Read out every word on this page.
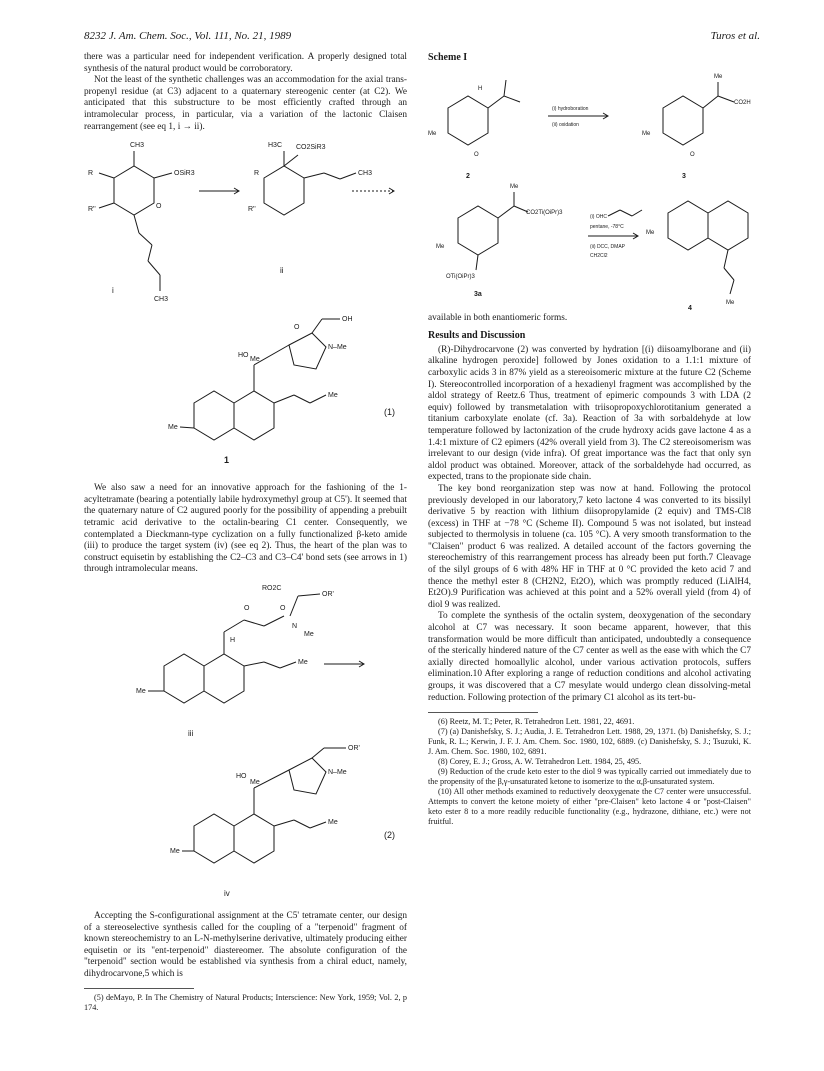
8232 J. Am. Chem. Soc., Vol. 111, No. 21, 1989	Turos et al.

there was a particular need for independent verification. A properly designed total synthesis of the natural product would be corroboratory.

Not the least of the synthetic challenges was an accommodation for the axial trans-propenyl residue (at C3) adjacent to a quaternary stereogenic center (at C2). We anticipated that this substructure to be most efficiently crafted through an intramolecular process, in particular, via a variation of the lactonic Claisen rearrangement (see eq 1, i → ii).

CH3
OSiR3
R
R''	O
CH3
i
H3C CO2SiR3
CH3
R
R''
ii
Me
Me
Me
N–Me
O
OH
HO
1
(1)

We also saw a need for an innovative approach for the fashioning of the 1-acyltetramate (bearing a potentially labile hydroxymethyl group at C5'). It seemed that the quaternary nature of C2 augured poorly for the possibility of appending a prebuilt tetramic acid derivative to the octalin-bearing C1 center. Consequently, we contemplated a Dieckmann-type cyclization on a fully functionalized β-keto amide (iii) to produce the target system (iv) (see eq 2). Thus, the heart of the plan was to construct equisetin by establishing the C2–C3 and C3–C4' bond sets (see arrows in 1) through intramolecular means.

Me
H
O	O
N
Me
RO2C
OR'
Me
iii
Me
Me
N–Me
OR'
HO
Me
iv
(2)

Accepting the S-configurational assignment at the C5' tetramate center, our design of a stereoselective synthesis called for the coupling of a "terpenoid" fragment of known stereochemistry to an L-N-methylserine derivative, ultimately producing either equisetin or its "ent-terpenoid" diastereomer. The absolute configuration of the "terpenoid" section would be established via synthesis from a chiral educt, namely, dihydrocarvone,5 which is

(5) deMayo, P. In The Chemistry of Natural Products; Interscience: New York, 1959; Vol. 2, p 174.

Scheme I
Me
O
H
2
(i) hydroboration
(ii) oxidation
Me
O
CO2H
Me
3
Me
OTi(OiPr)3
CO2Ti(OiPr)3
Me
3a
(i) OHC
pentane, -78°C
(ii) DCC, DMAP
CH2Cl2
Me
Me
4

available in both enantiomeric forms.

Results and Discussion

(R)-Dihydrocarvone (2) was converted by hydration [(i) diisoamylborane and (ii) alkaline hydrogen peroxide] followed by Jones oxidation to a 1.1:1 mixture of carboxylic acids 3 in 87% yield as a stereoisomeric mixture at the future C2 (Scheme I). Stereocontrolled incorporation of a hexadienyl fragment was accomplished by the aldol strategy of Reetz.6 Thus, treatment of epimeric compounds 3 with LDA (2 equiv) followed by transmetalation with triisopropoxychlorotitanium generated a titanium carboxylate enolate (cf. 3a). Reaction of 3a with sorbaldehyde at low temperature followed by lactonization of the crude hydroxy acids gave lactone 4 as a 1.4:1 mixture of C2 epimers (42% overall yield from 3). The C2 stereoisomerism was irrelevant to our design (vide infra). Of great importance was the fact that only syn aldol product was obtained. Moreover, attack of the sorbaldehyde had occurred, as expected, trans to the propionate side chain.

The key bond reorganization step was now at hand. Following the protocol previously developed in our laboratory,7 keto lactone 4 was converted to its bissilyl derivative 5 by reaction with lithium diisopropylamide (2 equiv) and TMS-Cl8 (excess) in THF at −78 °C (Scheme II). Compound 5 was not isolated, but instead subjected to thermolysis in toluene (ca. 105 °C). A very smooth transformation to the "Claisen" product 6 was realized. A detailed account of the factors governing the stereochemistry of this rearrangement process has already been put forth.7 Cleavage of the silyl groups of 6 with 48% HF in THF at 0 °C provided the keto acid 7 and thence the methyl ester 8 (CH2N2, Et2O), which was promptly reduced (LiAlH4, Et2O).9 Purification was achieved at this point and a 52% overall yield (from 4) of diol 9 was realized.

To complete the synthesis of the octalin system, deoxygenation of the secondary alcohol at C7 was necessary. It soon became apparent, however, that this transformation would be more difficult than anticipated, undoubtedly a consequence of the sterically hindered nature of the C7 center as well as the ease with which the C7 axially directed homoallylic alcohol, under various activation protocols, suffers elimination.10 After exploring a range of reduction conditions and alcohol activating groups, it was discovered that a C7 mesylate would undergo clean dissolving-metal reduction. Following protection of the primary C1 alcohol as its tert-bu-

(6) Reetz, M. T.; Peter, R. Tetrahedron Lett. 1981, 22, 4691.

(7) (a) Danishefsky, S. J.; Audia, J. E. Tetrahedron Lett. 1988, 29, 1371. (b) Danishefsky, S. J.; Funk, R. L.; Kerwin, J. F. J. Am. Chem. Soc. 1980, 102, 6889. (c) Danishefsky, S. J.; Tsuzuki, K. J. Am. Chem. Soc. 1980, 102, 6891.

(8) Corey, E. J.; Gross, A. W. Tetrahedron Lett. 1984, 25, 495.

(9) Reduction of the crude keto ester to the diol 9 was typically carried out immediately due to the propensity of the β,γ-unsaturated ketone to isomerize to the α,β-unsaturated system.

(10) All other methods examined to reductively deoxygenate the C7 center were unsuccessful. Attempts to convert the ketone moiety of either "pre-Claisen" keto lactone 4 or "post-Claisen" keto ester 8 to a more readily reducible functionality (e.g., hydrazone, dithiane, etc.) were not fruitful.
